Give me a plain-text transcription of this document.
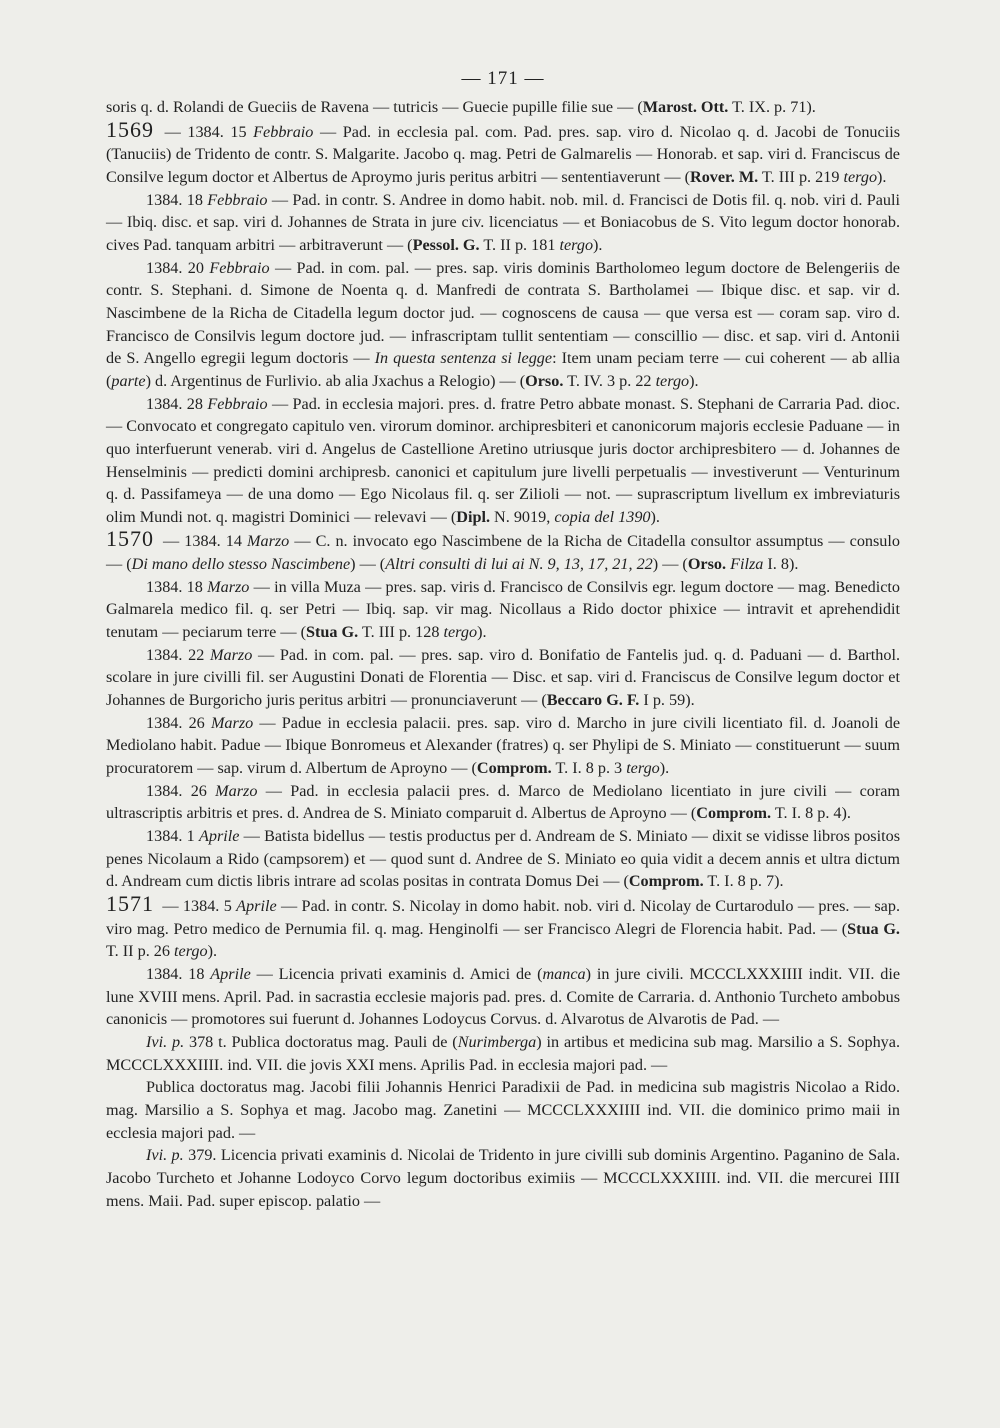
— 171 —

soris q. d. Rolandi de Gueciis de Ravena — tutricis — Guecie pupille filie sue — (Marost. Ott. T. IX. p. 71).

1569 — 1384. 15 Febbraio — Pad. in ecclesia pal. com. Pad. pres. sap. viro d. Nicolao q. d. Jacobi de Tonuciis (Tanuciis) de Tridento de contr. S. Malgarite. Jacobo q. mag. Petri de Galmarelis — Honorab. et sap. viri d. Franciscus de Consilve legum doctor et Albertus de Aproymo juris peritus arbitri — sententiaverunt — (Rover. M. T. III p. 219 tergo).

1384. 18 Febbraio — Pad. in contr. S. Andree in domo habit. nob. mil. d. Francisci de Dotis fil. q. nob. viri d. Pauli — Ibiq. disc. et sap. viri d. Johannes de Strata in jure civ. licenciatus — et Boniacobus de S. Vito legum doctor honorab. cives Pad. tanquam arbitri — arbitraverunt — (Pessol. G. T. II p. 181 tergo).

1384. 20 Febbraio — Pad. in com. pal. — pres. sap. viris dominis Bartholomeo legum doctore de Belengeriis de contr. S. Stephani. d. Simone de Noenta q. d. Manfredi de contrata S. Bartholamei — Ibique disc. et sap. vir d. Nascimbene de la Richa de Citadella legum doctor jud. — cognoscens de causa — que versa est — coram sap. viro d. Francisco de Consilvis legum doctore jud. — infrascriptam tullit sententiam — conscillio — disc. et sap. viri d. Antonii de S. Angello egregii legum doctoris — In questa sentenza si legge: Item unam peciam terre — cui coherent — ab allia (parte) d. Argentinus de Furlivio. ab alia Jxachus a Relogio) — (Orso. T. IV. 3 p. 22 tergo).

1384. 28 Febbraio — Pad. in ecclesia majori. pres. d. fratre Petro abbate monast. S. Stephani de Carraria Pad. dioc. — Convocato et congregato capitulo ven. virorum dominor. archipresbiteri et canonicorum majoris ecclesie Paduane — in quo interfuerunt venerab. viri d. Angelus de Castellione Aretino utriusque juris doctor archipresbitero — d. Johannes de Henselminis — predicti domini archipresb. canonici et capitulum jure livelli perpetualis — investiverunt — Venturinum q. d. Passifameya — de una domo — Ego Nicolaus fil. q. ser Zilioli — not. — suprascriptum livellum ex imbreviaturis olim Mundi not. q. magistri Dominici — relevavi — (Dipl. N. 9019, copia del 1390).

1570 — 1384. 14 Marzo — C. n. invocato ego Nascimbene de la Richa de Citadella consultor assumptus — consulo — (Di mano dello stesso Nascimbene) — (Altri consulti di lui ai N. 9, 13, 17, 21, 22) — (Orso. Filza I. 8).

1384. 18 Marzo — in villa Muza — pres. sap. viris d. Francisco de Consilvis egr. legum doctore — mag. Benedicto Galmarela medico fil. q. ser Petri — Ibiq. sap. vir mag. Nicollaus a Rido doctor phixice — intravit et aprehendidit tenutam — peciarum terre — (Stua G. T. III p. 128 tergo).

1384. 22 Marzo — Pad. in com. pal. — pres. sap. viro d. Bonifatio de Fantelis jud. q. d. Paduani — d. Barthol. scolare in jure civilli fil. ser Augustini Donati de Florentia — Disc. et sap. viri d. Franciscus de Consilve legum doctor et Johannes de Burgoricho juris peritus arbitri — pronunciaverunt — (Beccaro G. F. I p. 59).

1384. 26 Marzo — Padue in ecclesia palacii. pres. sap. viro d. Marcho in jure civili licentiato fil. d. Joanoli de Mediolano habit. Padue — Ibique Bonromeus et Alexander (fratres) q. ser Phylipi de S. Miniato — constituerunt — suum procuratorem — sap. virum d. Albertum de Aproyno — (Comprom. T. I. 8 p. 3 tergo).

1384. 26 Marzo — Pad. in ecclesia palacii pres. d. Marco de Mediolano licentiato in jure civili — coram ultrascriptis arbitris et pres. d. Andrea de S. Miniato comparuit d. Albertus de Aproyno — (Comprom. T. I. 8 p. 4).

1384. 1 Aprile — Batista bidellus — testis productus per d. Andream de S. Miniato — dixit se vidisse libros positos penes Nicolaum a Rido (campsorem) et — quod sunt d. Andree de S. Miniato eo quia vidit a decem annis et ultra dictum d. Andream cum dictis libris intrare ad scolas positas in contrata Domus Dei — (Comprom. T. I. 8 p. 7).

1571 — 1384. 5 Aprile — Pad. in contr. S. Nicolay in domo habit. nob. viri d. Nicolay de Curtarodulo — pres. — sap. viro mag. Petro medico de Pernumia fil. q. mag. Henginolfi — ser Francisco Alegri de Florencia habit. Pad. — (Stua G. T. II p. 26 tergo).

1384. 18 Aprile — Licencia privati examinis d. Amici de (manca) in jure civili. MCCCLXXXIIII indit. VII. die lune XVIII mens. April. Pad. in sacrastia ecclesie majoris pad. pres. d. Comite de Carraria. d. Anthonio Turcheto ambobus canonicis — promotores sui fuerunt d. Johannes Lodoycus Corvus. d. Alvarotus de Alvarotis de Pad. —

Ivi. p. 378 t. Publica doctoratus mag. Pauli de (Nurimberga) in artibus et medicina sub mag. Marsilio a S. Sophya. MCCCLXXXIIII. ind. VII. die jovis XXI mens. Aprilis Pad. in ecclesia majori pad. —

Publica doctoratus mag. Jacobi filii Johannis Henrici Paradixii de Pad. in medicina sub magistris Nicolao a Rido. mag. Marsilio a S. Sophya et mag. Jacobo mag. Zanetini — MCCCLXXXIIII ind. VII. die dominico primo maii in ecclesia majori pad. —

Ivi. p. 379. Licencia privati examinis d. Nicolai de Tridento in jure civilli sub dominis Argentino. Paganino de Sala. Jacobo Turcheto et Johanne Lodoyco Corvo legum doctoribus eximiis — MCCCLXXXIIII. ind. VII. die mercurei IIII mens. Maii. Pad. super episcop. palatio —
